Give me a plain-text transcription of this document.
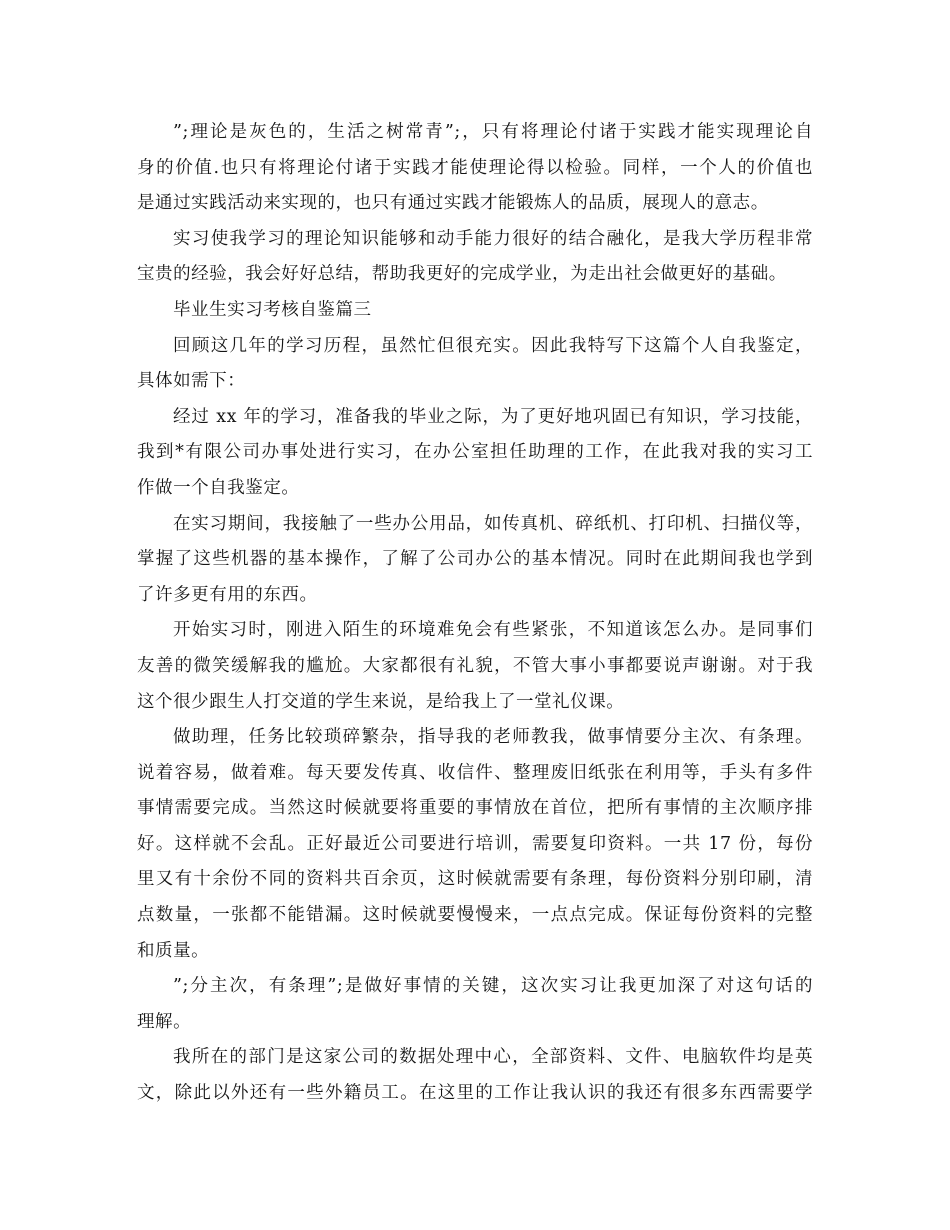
”;理论是灰色的，生活之树常青”;，只有将理论付诸于实践才能实现理论自
身的价值.也只有将理论付诸于实践才能使理论得以检验。同样，一个人的价值也
是通过实践活动来实现的，也只有通过实践才能锻炼人的品质，展现人的意志。

实习使我学习的理论知识能够和动手能力很好的结合融化，是我大学历程非常
宝贵的经验，我会好好总结，帮助我更好的完成学业，为走出社会做更好的基础。

毕业生实习考核自鉴篇三

回顾这几年的学习历程，虽然忙但很充实。因此我特写下这篇个人自我鉴定，
具体如需下：

经过 xx 年的学习，准备我的毕业之际，为了更好地巩固已有知识，学习技能，
我到*有限公司办事处进行实习，在办公室担任助理的工作，在此我对我的实习工
作做一个自我鉴定。

在实习期间，我接触了一些办公用品，如传真机、碎纸机、打印机、扫描仪等，
掌握了这些机器的基本操作，了解了公司办公的基本情况。同时在此期间我也学到
了许多更有用的东西。

开始实习时，刚进入陌生的环境难免会有些紧张，不知道该怎么办。是同事们
友善的微笑缓解我的尴尬。大家都很有礼貌，不管大事小事都要说声谢谢。对于我
这个很少跟生人打交道的学生来说，是给我上了一堂礼仪课。

做助理，任务比较琐碎繁杂，指导我的老师教我，做事情要分主次、有条理。
说着容易，做着难。每天要发传真、收信件、整理废旧纸张在利用等，手头有多件
事情需要完成。当然这时候就要将重要的事情放在首位，把所有事情的主次顺序排
好。这样就不会乱。正好最近公司要进行培训，需要复印资料。一共 17 份，每份
里又有十余份不同的资料共百余页，这时候就需要有条理，每份资料分别印刷，清
点数量，一张都不能错漏。这时候就要慢慢来，一点点完成。保证每份资料的完整
和质量。

”;分主次，有条理”;是做好事情的关键，这次实习让我更加深了对这句话的
理解。

我所在的部门是这家公司的数据处理中心，全部资料、文件、电脑软件均是英
文，除此以外还有一些外籍员工。在这里的工作让我认识的我还有很多东西需要学
